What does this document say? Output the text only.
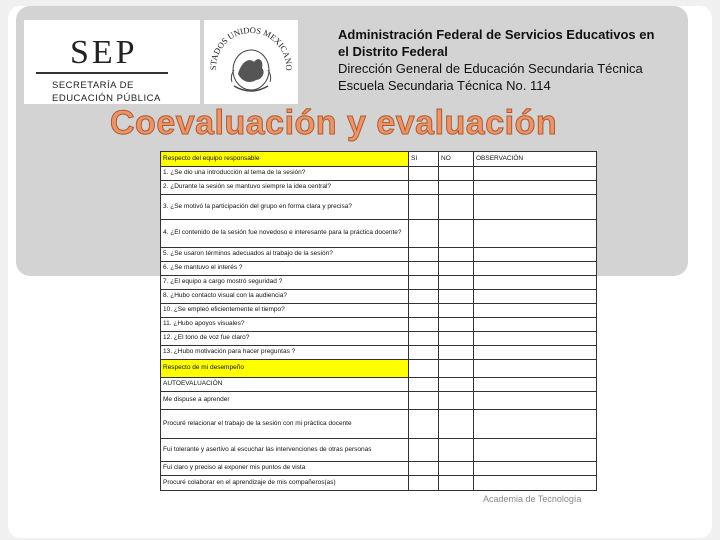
SEP
SECRETARÍA DE
EDUCACIÓN PÚBLICA
STADOS UNIDOS MEXICANO
Administración Federal de Servicios Educativos en
el Distrito Federal
Dirección General de Educación Secundaria Técnica
Escuela Secundaria Técnica No. 114
Coevaluación y evaluación
Respecto del equipo responsable	SI	NO	OBSERVACIÓN
1. ¿Se dio una introducción al tema de la sesión?			
2. ¿Durante la sesión se mantuvo siempre la idea central?			
3. ¿Se motivó la participación del grupo en forma clara y precisa?			
4. ¿El contenido de la sesión fue novedoso e interesante para la práctica docente?			
5. ¿Se usaron términos adecuados al trabajo de la sesión?			
6. ¿Se mantuvo el interés ?			
7. ¿El equipo a cargo mostró seguridad ?			
8. ¿Hubo contacto visual con la audiencia?			
10. ¿Se empleó eficientemente el tiempo?			
11. ¿Hubo apoyos visuales?			
12. ¿El tono de voz fue claro?			
13. ¿Hubo motivación para hacer preguntas ?			
Respecto de mi desempeño			
AUTOEVALUACIÓN			
Me dispuse a aprender			
Procuré relacionar el trabajo de la sesión con mi práctica docente			
Fui tolerante y asertivo al escuchar las intervenciones de otras personas			
Fui claro y preciso al exponer mis puntos de vista			
Procuré colaborar en el aprendizaje de mis compañeros(as)			
Academia de Tecnología
